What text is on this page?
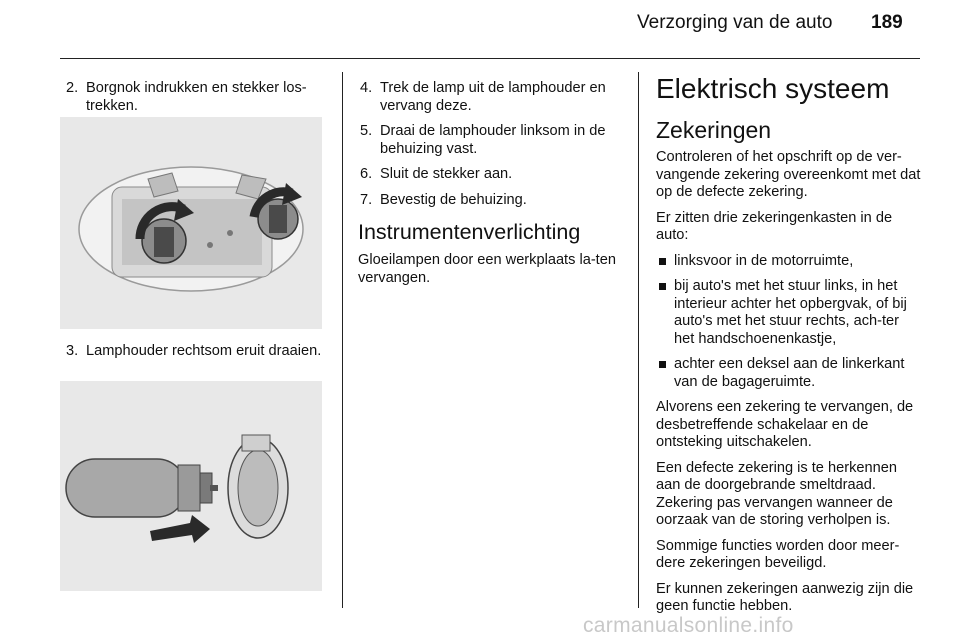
Verzorging van de auto 189
2. Borgnok indrukken en stekker los-trekken.
3. Lamphouder rechtsom eruit draaien.
4. Trek de lamp uit de lamphouder en vervang deze.
5. Draai de lamphouder linksom in de behuizing vast.
6. Sluit de stekker aan.
7. Bevestig de behuizing.
Instrumentenverlichting

Gloeilampen door een werkplaats la-ten vervangen.

Elektrisch systeem
Zekeringen

Controleren of het opschrift op de ver-vangende zekering overeenkomt met dat op de defecte zekering.

Er zitten drie zekeringenkasten in de auto:

linksvoor in de motorruimte,
bij auto's met het stuur links, in het interieur achter het opbergvak, of bij auto's met het stuur rechts, ach-ter het handschoenenkastje,
achter een deksel aan de linkerkant van de bagageruimte.

Alvorens een zekering te vervangen, de desbetreffende schakelaar en de ontsteking uitschakelen.

Een defecte zekering is te herkennen aan de doorgebrande smeltdraad. Zekering pas vervangen wanneer de oorzaak van de storing verholpen is.

Sommige functies worden door meer-dere zekeringen beveiligd.

Er kunnen zekeringen aanwezig zijn die geen functie hebben.

carmanualsonline.info
